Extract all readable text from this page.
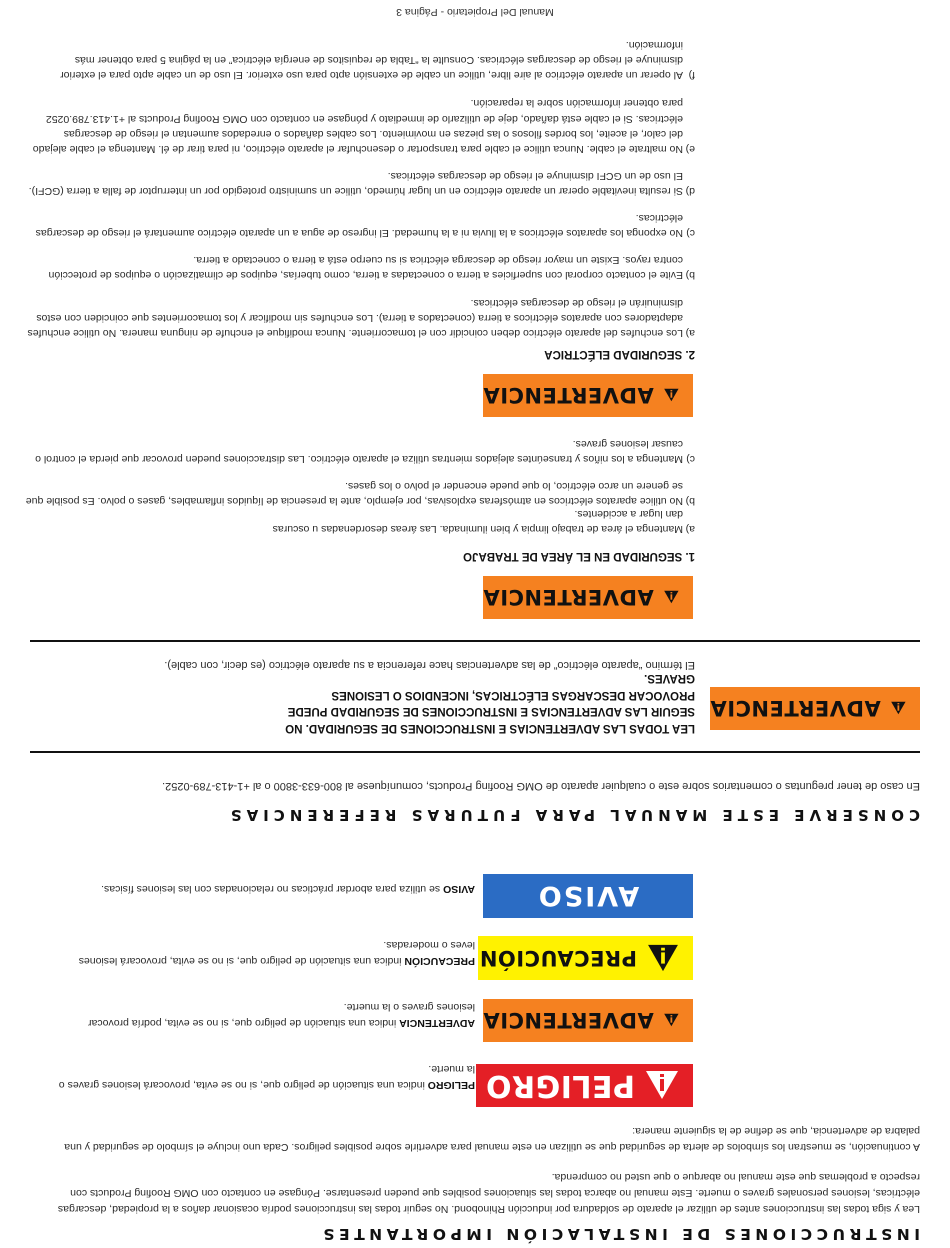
INSTRUCCIONES DE INSTALACIÓN IMPORTANTES
Lea y siga todas las instrucciones antes de utilizar el aparato de soldadura por inducción Rhinobond. No seguir todas las instrucciones podría ocasionar daños a la propiedad, descargas eléctricas, lesiones personales graves o muerte. Este manual no abarca todas las situaciones posibles que pueden presentarse. Póngase en contacto con OMG Roofing Products con respecto a problemas que este manual no abarque o que usted no comprenda.
A continuación, se muestran los símbolos de alerta de seguridad que se utilizan en este manual para advertirle sobre posibles peligros. Cada uno incluye el símbolo de seguridad y una palabra de advertencia, que se define de la siguiente manera:
PELIGRO
PELIGRO indica una situación de peligro que, si no se evita, provocará lesiones graves o la muerte.
ADVERTENCIA
ADVERTENCIA indica una situación de peligro que, si no se evita, podría provocar lesiones graves o la muerte.
PRECAUCIÓN
PRECAUCIÓN indica una situación de peligro que, si no se evita, provocará lesiones leves o moderadas.
AVISO
AVISO se utiliza para abordar prácticas no relacionadas con las lesiones físicas.
CONSERVE ESTE MANUAL PARA FUTURAS REFERENCIAS
En caso de tener preguntas o comentarios sobre este o cualquier aparato de OMG Roofing Products, comuníquese al 800-633-3800 o al +1-413-789-0252.
ADVERTENCIA
LEA TODAS LAS ADVERTENCIAS E INSTRUCCIONES DE SEGURIDAD. NO SEGUIR LAS ADVERTENCIAS E INSTRUCCIONES DE SEGURIDAD PUEDE PROVOCAR DESCARGAS ELÉCTRICAS, INCENDIOS O LESIONES GRAVES.
El término “aparato eléctrico” de las advertencias hace referencia a su aparato eléctrico (es decir, con cable).
ADVERTENCIA
1. SEGURIDAD EN EL ÁREA DE TRABAJO
a)
Mantenga el área de trabajo limpia y bien iluminada. Las áreas desordenadas u oscuras dan lugar a accidentes.
b)
No utilice aparatos eléctricos en atmósferas explosivas, por ejemplo, ante la presencia de líquidos inflamables, gases o polvo. Es posible que se genere un arco eléctrico, lo que puede encender el polvo o los gases.
c)
Mantenga a los niños y transeúntes alejados mientras utiliza el aparato eléctrico. Las distracciones pueden provocar que pierda el control o causar lesiones graves.
ADVERTENCIA
2. SEGURIDAD ELÉCTRICA
a)
Los enchufes del aparato eléctrico deben coincidir con el tomacorriente. Nunca modifique el enchufe de ninguna manera. No utilice enchufes adaptadores con aparatos eléctricos a tierra (conectados a tierra). Los enchufes sin modificar y los tomacorrientes que coinciden con estos disminuirán el riesgo de descargas eléctricas.
b)
Evite el contacto corporal con superficies a tierra o conectadas a tierra, como tuberías, equipos de climatización o equipos de protección contra rayos. Existe un mayor riesgo de descarga eléctrica si su cuerpo está a tierra o conectado a tierra.
c)
No exponga los aparatos eléctricos a la lluvia ni a la humedad. El ingreso de agua a un aparato eléctrico aumentará el riesgo de descargas eléctricas.
d)
Si resulta inevitable operar un aparato eléctrico en un lugar húmedo, utilice un suministro protegido por un interruptor de falla a tierra (GCFI). El uso de un GCFI disminuye el riesgo de descargas eléctricas.
e)
No maltrate el cable. Nunca utilice el cable para transportar o desenchufar el aparato eléctrico, ni para tirar de él. Mantenga el cable alejado del calor, el aceite, los bordes filosos o las piezas en movimiento. Los cables dañados o enredados aumentan el riesgo de descargas eléctricas. Si el cable está dañado, deje de utilizarlo de inmediato y póngase en contacto con OMG Roofing Products al +1.413.789.0252 para obtener información sobre la reparación.
f)
Al operar un aparato eléctrico al aire libre, utilice un cable de extensión apto para uso exterior. El uso de un cable apto para el exterior disminuye el riesgo de descargas eléctricas. Consulte la “Tabla de requisitos de energía eléctrica” en la página 5 para obtener más información.
Manual Del Propietario - Página 3
